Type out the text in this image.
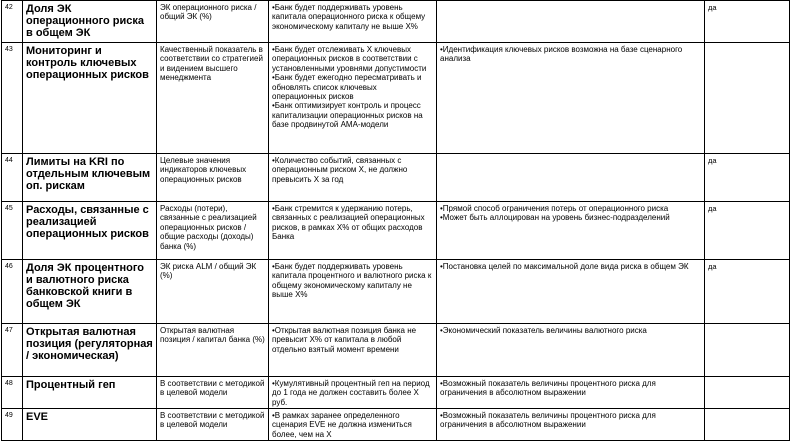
42	Доля ЭК операционного риска в общем ЭК	ЭК операционного риска / общий ЭК (%)	•Банк будет поддерживать уровень капитала операционного риска к общему экономическому капиталу не выше Х%		да
43	Мониторинг и контроль ключевых операционных рисков	Качественный показатель в соответствии со стратегией и видением высшего менеджмента	•Банк будет отслеживать Х ключевых операционных рисков в соответствии с установленными уровнями допустимости
•Банк будет ежегодно пересматривать и обновлять список ключевых операционных рисков
•Банк оптимизирует контроль и процесс капитализации операционных рисков на базе продвинутой АМА-модели	•Идентификация ключевых рисков возможна на базе сценарного анализа	

44	Лимиты на KRI по отдельным ключевым оп. рискам	Целевые значения индикаторов ключевых операционных рисков	•Количество событий, связанных с операционным риском Х, не должно превысить Х за год		да
45	Расходы, связанные с реализацией операционных рисков	Расходы (потери), связанные с реализацией операционных рисков / общие расходы (доходы) банка (%)	•Банк стремится к удержанию потерь, связанных с реализацией операционных рисков, в рамках Х% от общих расходов Банка	•Прямой способ ограничения потерь от операционного риска
•Может быть аллоцирован на уровень бизнес-подразделений	да
46	Доля ЭК процентного и валютного риска банковской книги в общем ЭК	ЭК риска ALM / общий ЭК (%)	•Банк будет поддерживать уровень капитала процентного и валютного риска к общему экономическому капиталу не выше Х%	•Постановка целей по максимальной доле вида риска в общем ЭК	да
47	Открытая валютная позиция (регуляторная / экономическая)	Открытая валютная позиция / капитал банка (%)	•Открытая валютная позиция банка не превысит Х% от капитала в любой отдельно взятый момент времени	•Экономический показатель величины валютного риска	

48	Процентный геп	В соответствии с методикой в целевой модели	•Кумулятивный процентный геп на период до 1 года не должен составить более Х руб.	•Возможный показатель величины процентного риска для ограничения в абсолютном выражении	

49	EVE	В соответствии с методикой в целевой модели	•В рамках заранее определенного сценария EVE не должна измениться более, чем на Х	•Возможный показатель величины процентного риска для ограничения в абсолютном выражении	
